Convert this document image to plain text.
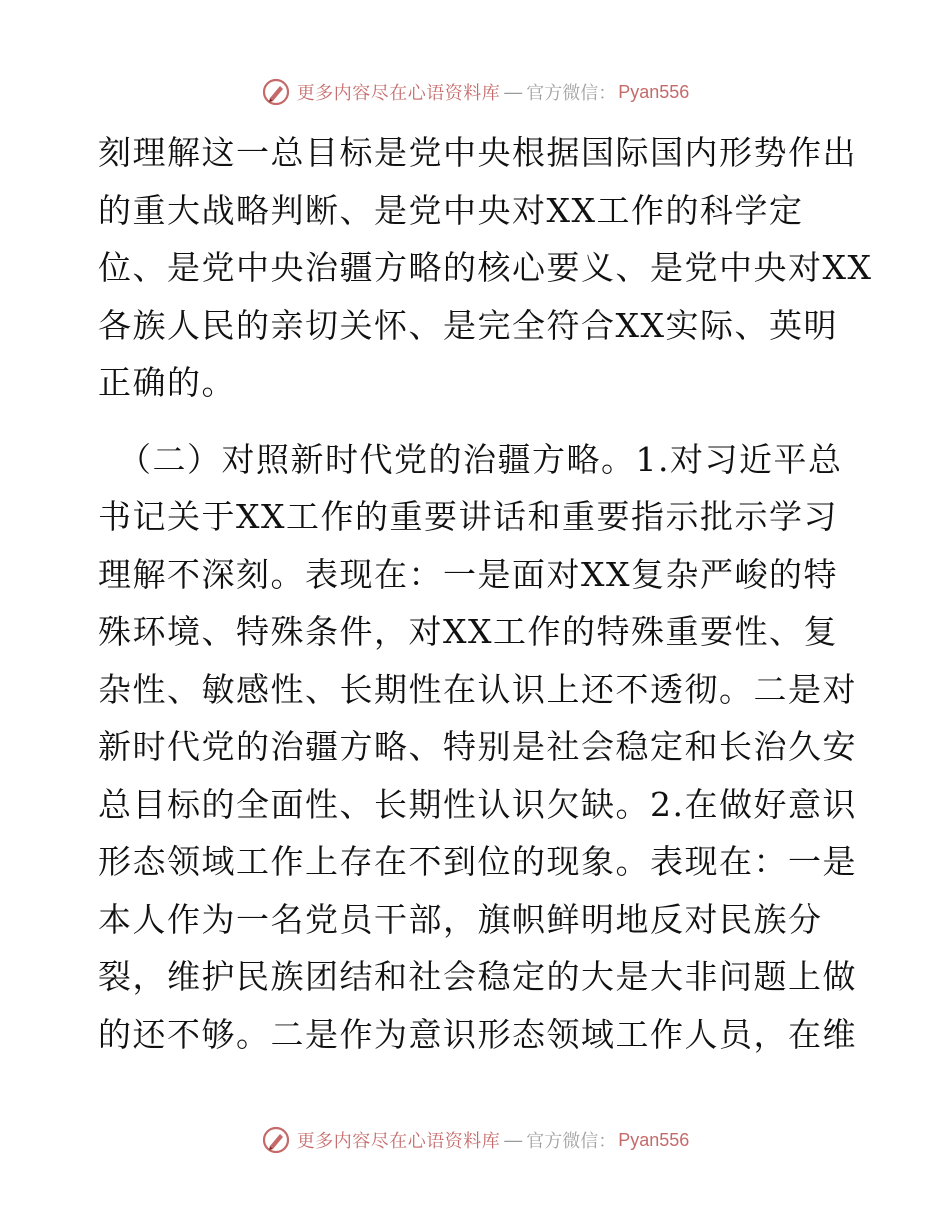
更多内容尽在心语资料库 — 官方微信： Pyan556
刻理解这一总目标是党中央根据国际国内形势作出
的重大战略判断、是党中央对XX工作的科学定
位、是党中央治疆方略的核心要义、是党中央对XX
各族人民的亲切关怀、是完全符合XX实际、英明
正确的。
（二）对照新时代党的治疆方略。1.对习近平总
书记关于XX工作的重要讲话和重要指示批示学习
理解不深刻。表现在：一是面对XX复杂严峻的特
殊环境、特殊条件，对XX工作的特殊重要性、复
杂性、敏感性、长期性在认识上还不透彻。二是对
新时代党的治疆方略、特别是社会稳定和长治久安
总目标的全面性、长期性认识欠缺。2.在做好意识
形态领域工作上存在不到位的现象。表现在：一是
本人作为一名党员干部，旗帜鲜明地反对民族分
裂，维护民族团结和社会稳定的大是大非问题上做
的还不够。二是作为意识形态领域工作人员，在维
更多内容尽在心语资料库 — 官方微信： Pyan556
